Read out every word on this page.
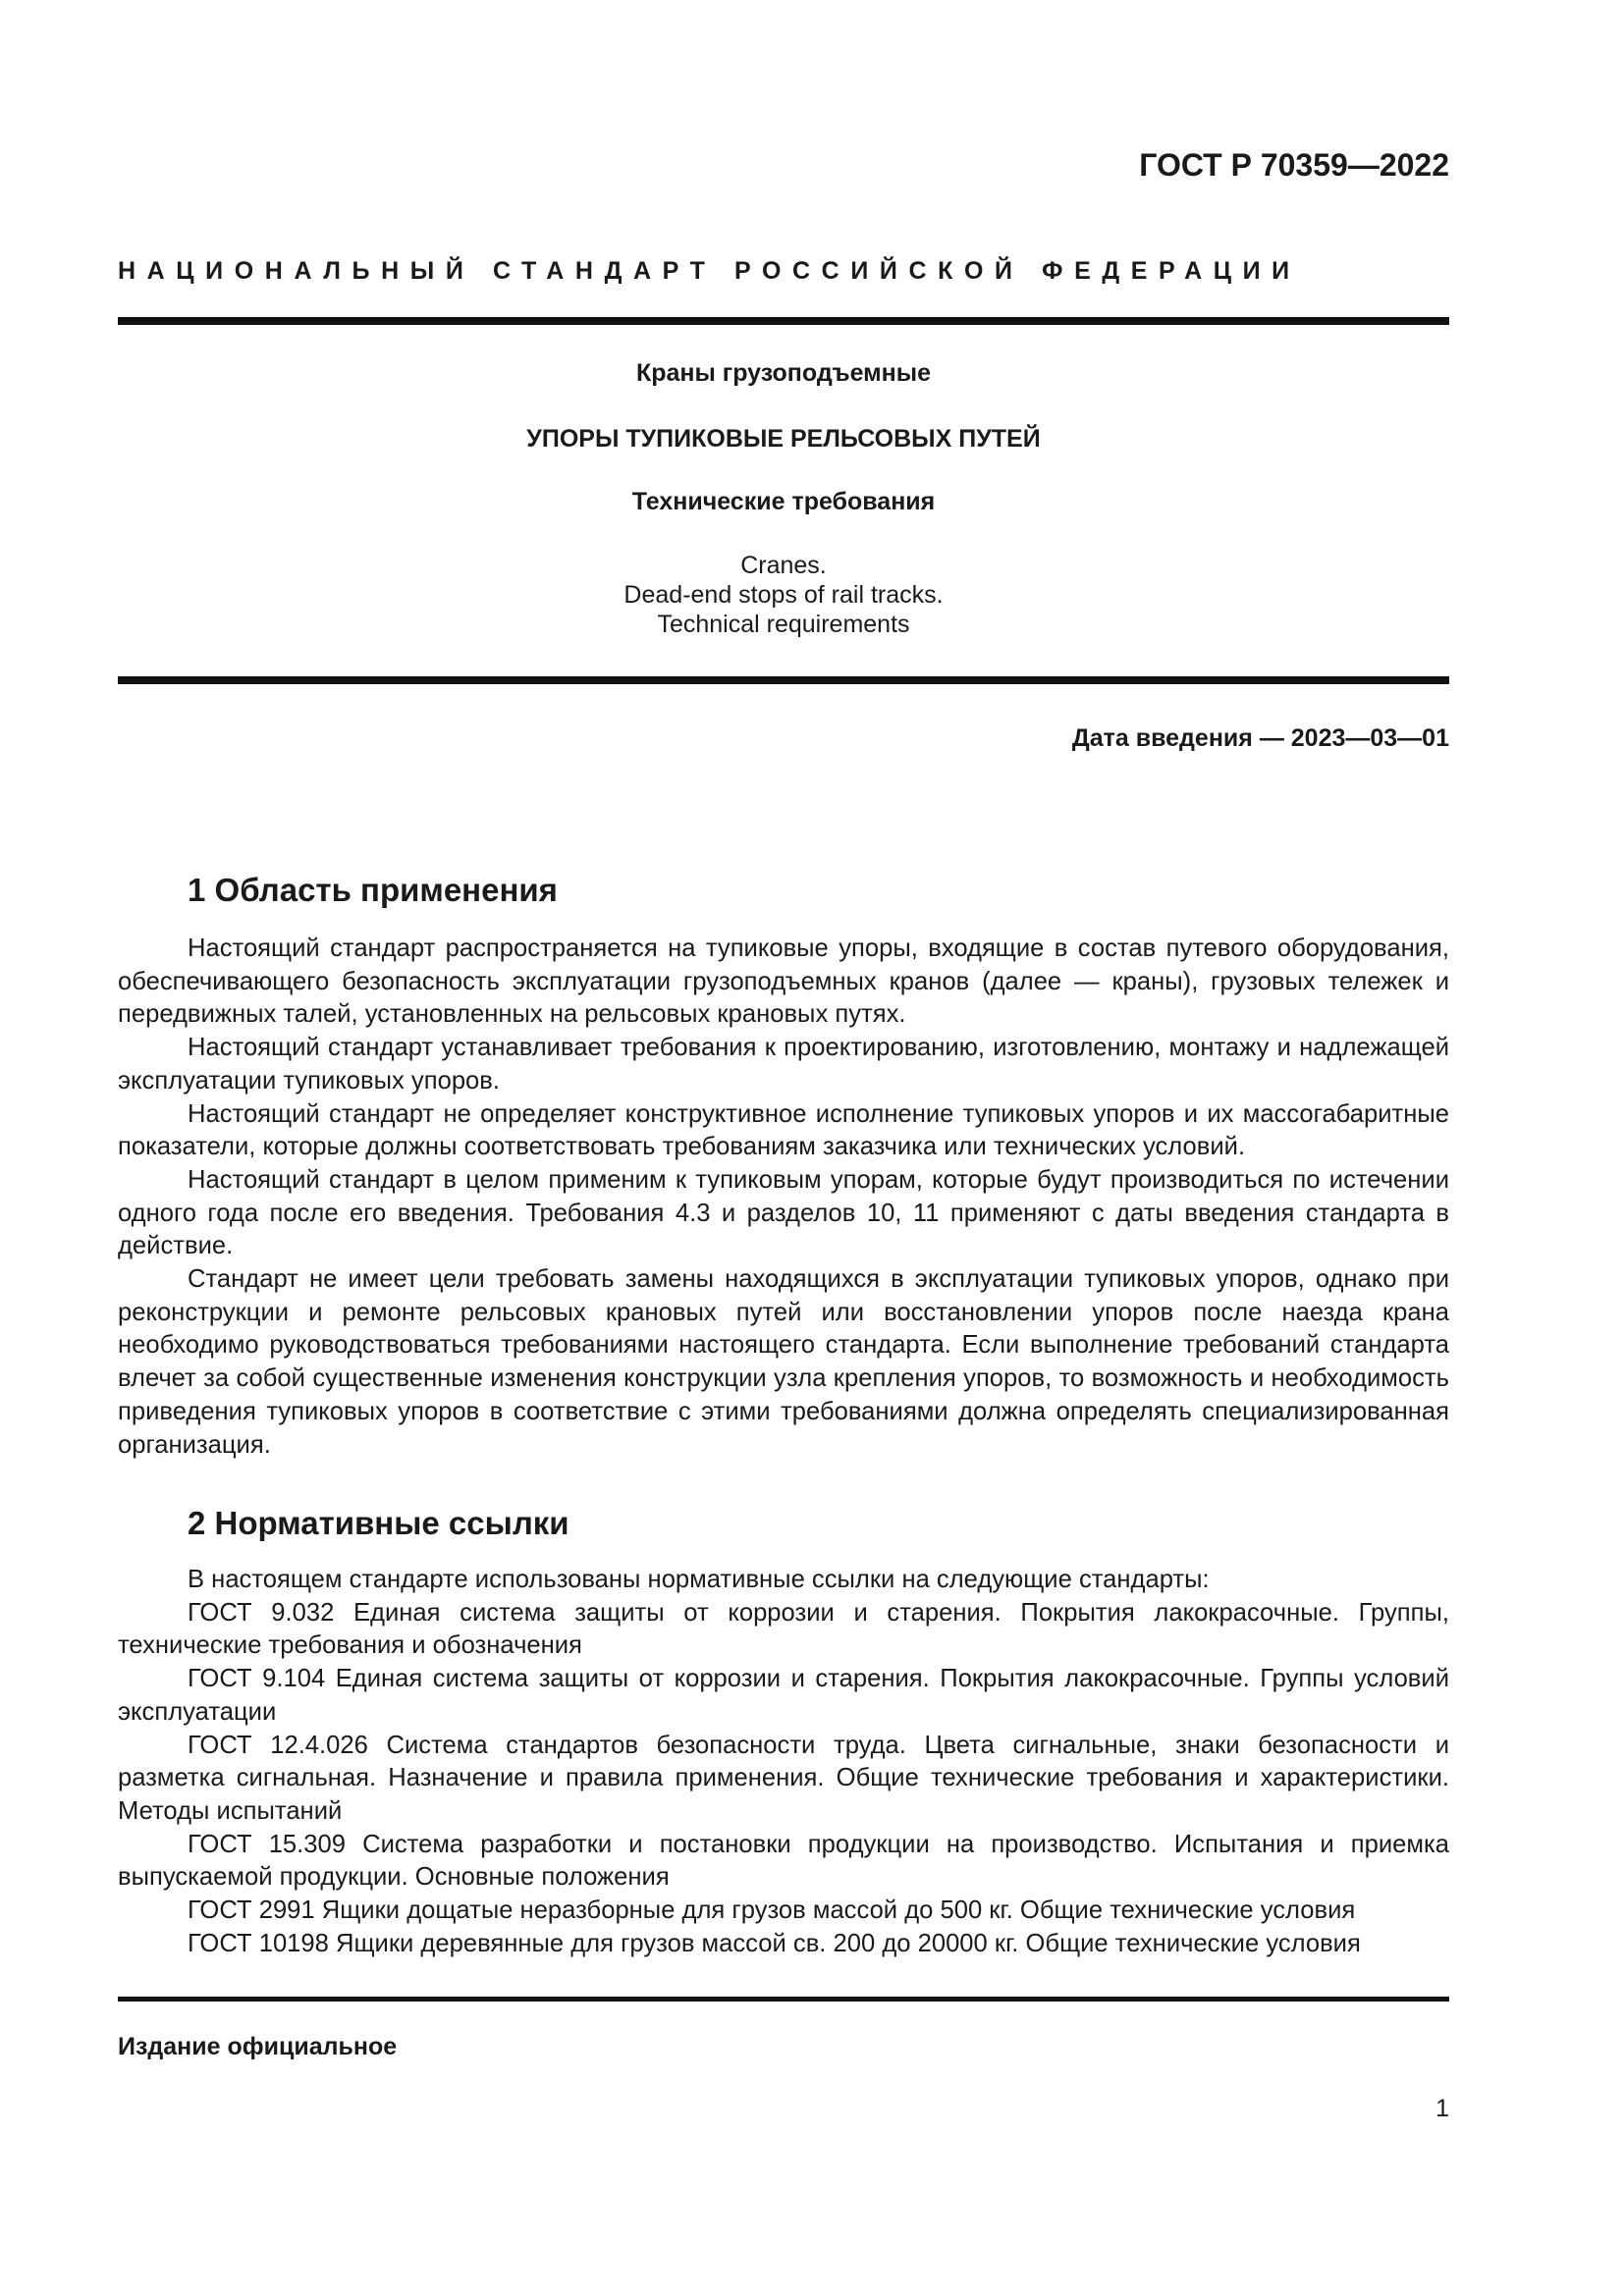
ГОСТ Р 70359—2022
НАЦИОНАЛЬНЫЙ СТАНДАРТ РОССИЙСКОЙ ФЕДЕРАЦИИ
Краны грузоподъемные
УПОРЫ ТУПИКОВЫЕ РЕЛЬСОВЫХ ПУТЕЙ
Технические требования
Cranes.
Dead-end stops of rail tracks.
Technical requirements
Дата введения — 2023—03—01
1 Область применения

Настоящий стандарт распространяется на тупиковые упоры, входящие в состав путевого оборудования, обеспечивающего безопасность эксплуатации грузоподъемных кранов (далее — краны), грузовых тележек и передвижных талей, установленных на рельсовых крановых путях.

Настоящий стандарт устанавливает требования к проектированию, изготовлению, монтажу и надлежащей эксплуатации тупиковых упоров.

Настоящий стандарт не определяет конструктивное исполнение тупиковых упоров и их массогабаритные показатели, которые должны соответствовать требованиям заказчика или технических условий.

Настоящий стандарт в целом применим к тупиковым упорам, которые будут производиться по истечении одного года после его введения. Требования 4.3 и разделов 10, 11 применяют с даты введения стандарта в действие.

Стандарт не имеет цели требовать замены находящихся в эксплуатации тупиковых упоров, однако при реконструкции и ремонте рельсовых крановых путей или восстановлении упоров после наезда крана необходимо руководствоваться требованиями настоящего стандарта. Если выполнение требований стандарта влечет за собой существенные изменения конструкции узла крепления упоров, то возможность и необходимость приведения тупиковых упоров в соответствие с этими требованиями должна определять специализированная организация.

2 Нормативные ссылки

В настоящем стандарте использованы нормативные ссылки на следующие стандарты:

ГОСТ 9.032 Единая система защиты от коррозии и старения. Покрытия лакокрасочные. Группы, технические требования и обозначения

ГОСТ 9.104 Единая система защиты от коррозии и старения. Покрытия лакокрасочные. Группы условий эксплуатации

ГОСТ 12.4.026 Система стандартов безопасности труда. Цвета сигнальные, знаки безопасности и разметка сигнальная. Назначение и правила применения. Общие технические требования и характеристики. Методы испытаний

ГОСТ 15.309 Система разработки и постановки продукции на производство. Испытания и приемка выпускаемой продукции. Основные положения

ГОСТ 2991 Ящики дощатые неразборные для грузов массой до 500 кг. Общие технические условия

ГОСТ 10198 Ящики деревянные для грузов массой св. 200 до 20000 кг. Общие технические условия

Издание официальное
1
